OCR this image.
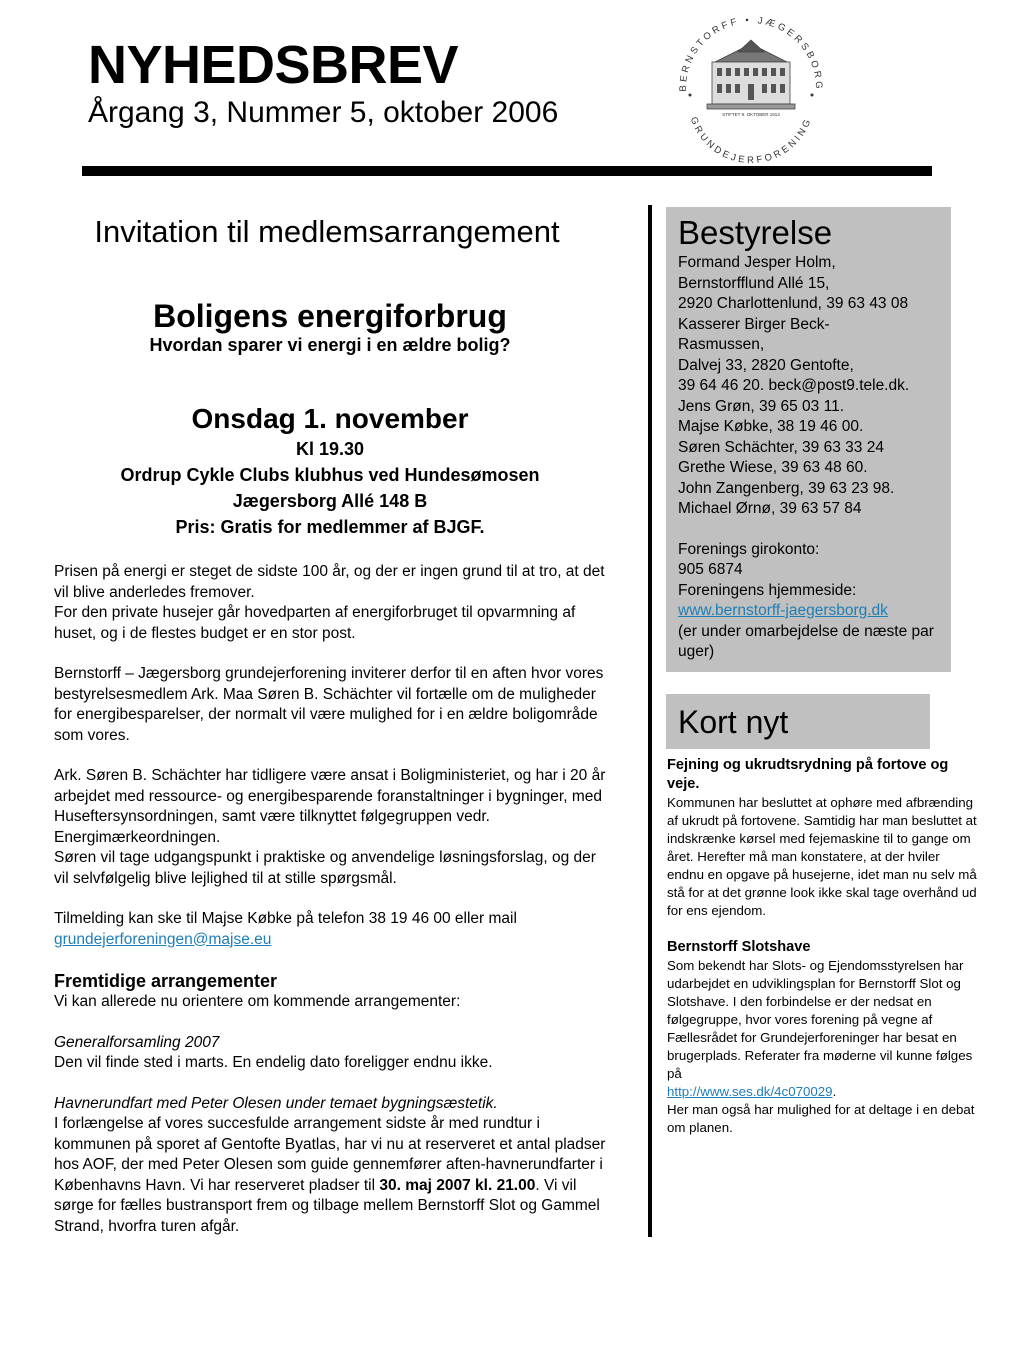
NYHEDSBREV
Årgang 3, Nummer 5, oktober 2006
BERNSTORFF • JÆGERSBORG
GRUNDEJERFORENING
STIFTET 9. OKTOBER 1913
Invitation til medlemsarrangement
Boligens energiforbrug
Hvordan sparer vi energi i en ældre bolig?
Onsdag 1. november
Kl 19.30
Ordrup Cykle Clubs klubhus ved Hundesømosen
Jægersborg Allé 148 B
Pris: Gratis for medlemmer af BJGF.
Prisen på energi er steget de sidste 100 år, og der er ingen grund til at tro, at det vil blive anderledes fremover.
For den private husejer går hovedparten af energiforbruget til opvarmning af huset, og i de flestes budget er en stor post.
Bernstorff – Jægersborg grundejerforening inviterer derfor til en aften hvor vores bestyrelsesmedlem Ark. Maa Søren B. Schächter vil fortælle om de muligheder for energibesparelser, der normalt vil være mulighed for i en ældre boligområde som vores.
Ark. Søren B. Schächter har tidligere være ansat i Boligministeriet, og har i 20 år arbejdet med ressource- og energibesparende foranstaltninger i bygninger, med Huseftersynsordningen, samt være tilknyttet følgegruppen vedr. Energimærkeordningen.
Søren vil tage udgangspunkt i praktiske og anvendelige løsningsforslag, og der vil selvfølgelig blive lejlighed til at stille spørgsmål.
Tilmelding kan ske til Majse Købke på telefon 38 19 46 00 eller mail
grundejerforeningen@majse.eu
Fremtidige arrangementer
Vi kan allerede nu orientere om kommende arrangementer:
Generalforsamling 2007
Den vil finde sted i marts. En endelig dato foreligger endnu ikke.
Havnerundfart med Peter Olesen under temaet bygningsæstetik.
I forlængelse af vores succesfulde arrangement sidste år med rundtur i kommunen på sporet af Gentofte Byatlas, har vi nu at reserveret et antal pladser hos AOF, der med Peter Olesen som guide gennemfører aften-havnerundfarter i Københavns Havn. Vi har reserveret pladser til 30. maj 2007 kl. 21.00. Vi vil sørge for fælles bustransport frem og tilbage mellem Bernstorff Slot og Gammel Strand, hvorfra turen afgår.
Bestyrelse
Formand Jesper Holm,
Bernstorfflund Allé 15,
2920 Charlottenlund, 39 63 43 08
Kasserer Birger Beck-
Rasmussen,
Dalvej 33, 2820 Gentofte,
39 64 46 20. beck@post9.tele.dk.
Jens Grøn, 39 65 03 11.
Majse Købke, 38 19 46 00.
Søren Schächter, 39 63 33 24
Grethe Wiese, 39 63 48 60.
John Zangenberg, 39 63 23 98.
Michael Ørnø, 39 63 57 84
Forenings girokonto:
905 6874
Foreningens hjemmeside:
www.bernstorff-jaegersborg.dk
(er under omarbejdelse de næste par uger)
Kort nyt
Fejning og ukrudtsrydning på fortove og veje.
Kommunen har besluttet at ophøre med afbrænding af ukrudt på fortovene. Samtidig har man besluttet at indskrænke kørsel med fejemaskine til to gange om året. Herefter må man konstatere, at der hviler endnu en opgave på husejerne, idet man nu selv må stå for at det grønne look ikke skal tage overhånd ud for ens ejendom.
Bernstorff Slotshave
Som bekendt har Slots- og Ejendomsstyrelsen har udarbejdet en udviklingsplan for Bernstorff Slot og Slotshave. I den forbindelse er der nedsat en følgegruppe, hvor vores forening på vegne af Fællesrådet for Grundejerforeninger har besat en brugerplads. Referater fra møderne vil kunne følges på
http://www.ses.dk/4c070029.
Her man også har mulighed for at deltage i en debat om planen.
